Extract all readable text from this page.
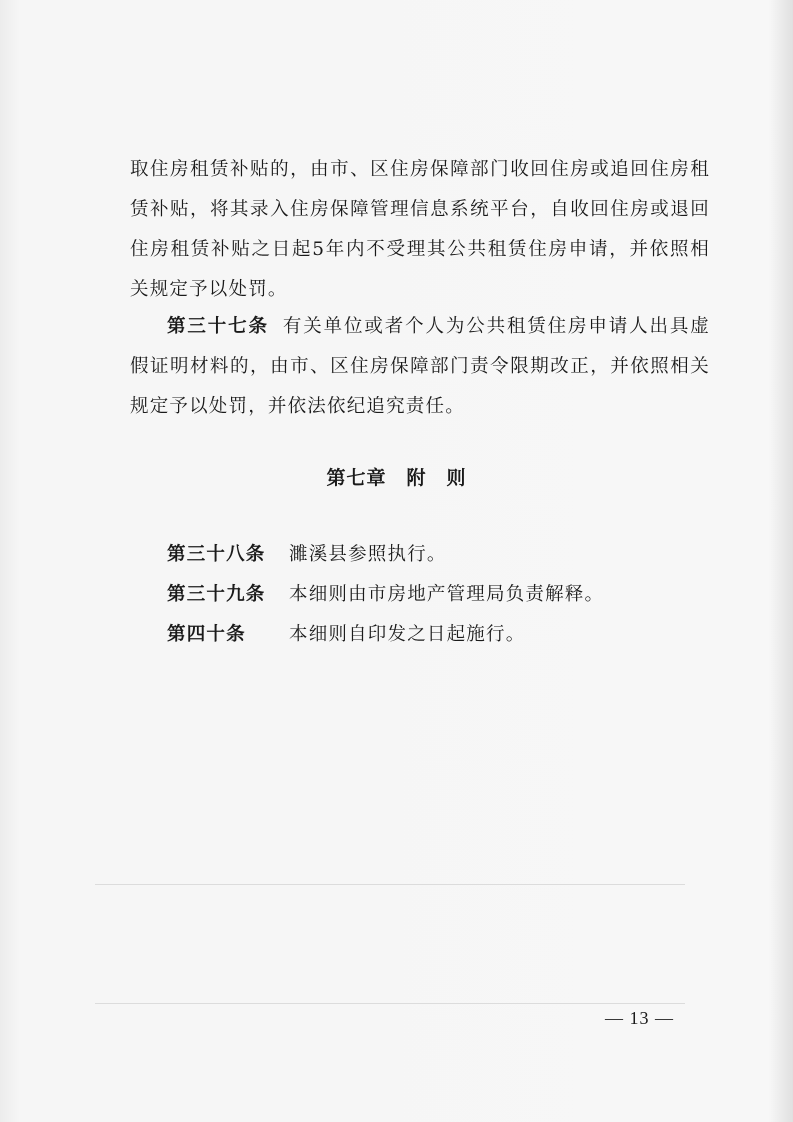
取住房租赁补贴的，由市、区住房保障部门收回住房或追回住房租赁补贴，将其录入住房保障管理信息系统平台，自收回住房或退回住房租赁补贴之日起5年内不受理其公共租赁住房申请，并依照相关规定予以处罚。
第三十七条 有关单位或者个人为公共租赁住房申请人出具虚假证明材料的，由市、区住房保障部门责令限期改正，并依照相关规定予以处罚，并依法依纪追究责任。
第七章　附　则
第三十八条	濉溪县参照执行。
第三十九条	本细则由市房地产管理局负责解释。
第四十条	本细则自印发之日起施行。
— 13 —
